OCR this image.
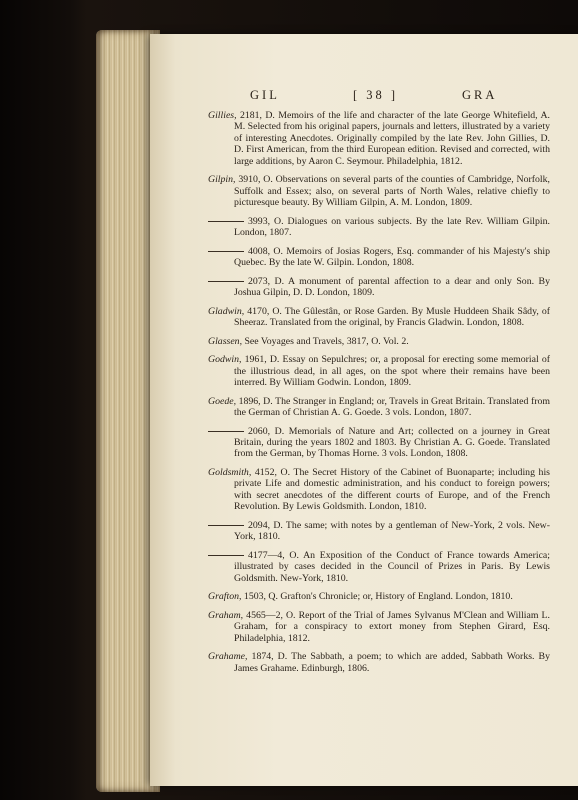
GIL	[ 38 ]	GRA

Gillies, 2181, D. Memoirs of the life and character of the late George Whitefield, A. M. Selected from his original papers, journals and letters, illustrated by a variety of interesting Anecdotes. Originally compiled by the late Rev. John Gillies, D. D. First American, from the third European edition. Revised and corrected, with large additions, by Aaron C. Seymour. Philadelphia, 1812.

Gilpin, 3910, O. Observations on several parts of the counties of Cambridge, Norfolk, Suffolk and Essex; also, on several parts of North Wales, relative chiefly to picturesque beauty. By William Gilpin, A. M. London, 1809.

3993, O. Dialogues on various subjects. By the late Rev. William Gilpin. London, 1807.

4008, O. Memoirs of Josias Rogers, Esq. commander of his Majesty's ship Quebec. By the late W. Gilpin. London, 1808.

2073, D. A monument of parental affection to a dear and only Son. By Joshua Gilpin, D. D. London, 1809.

Gladwin, 4170, O. The Gûlestân, or Rose Garden. By Musle Huddeen Shaik Sâdy, of Sheeraz. Translated from the original, by Francis Gladwin. London, 1808.

Glassen, See Voyages and Travels, 3817, O. Vol. 2.

Godwin, 1961, D. Essay on Sepulchres; or, a proposal for erecting some memorial of the illustrious dead, in all ages, on the spot where their remains have been interred. By William Godwin. London, 1809.

Goede, 1896, D. The Stranger in England; or, Travels in Great Britain. Translated from the German of Christian A. G. Goede. 3 vols. London, 1807.

2060, D. Memorials of Nature and Art; collected on a journey in Great Britain, during the years 1802 and 1803. By Christian A. G. Goede. Translated from the German, by Thomas Horne. 3 vols. London, 1808.

Goldsmith, 4152, O. The Secret History of the Cabinet of Buonaparte; including his private Life and domestic administration, and his conduct to foreign powers; with secret anecdotes of the different courts of Europe, and of the French Revolution. By Lewis Goldsmith. London, 1810.

2094, D. The same; with notes by a gentleman of New-York, 2 vols. New-York, 1810.

4177—4, O. An Exposition of the Conduct of France towards America; illustrated by cases decided in the Council of Prizes in Paris. By Lewis Goldsmith. New-York, 1810.

Grafton, 1503, Q. Grafton's Chronicle; or, History of England. London, 1810.

Graham, 4565—2, O. Report of the Trial of James Sylvanus M'Clean and William L. Graham, for a conspiracy to extort money from Stephen Girard, Esq. Philadelphia, 1812.

Grahame, 1874, D. The Sabbath, a poem; to which are added, Sabbath Works. By James Grahame. Edinburgh, 1806.
